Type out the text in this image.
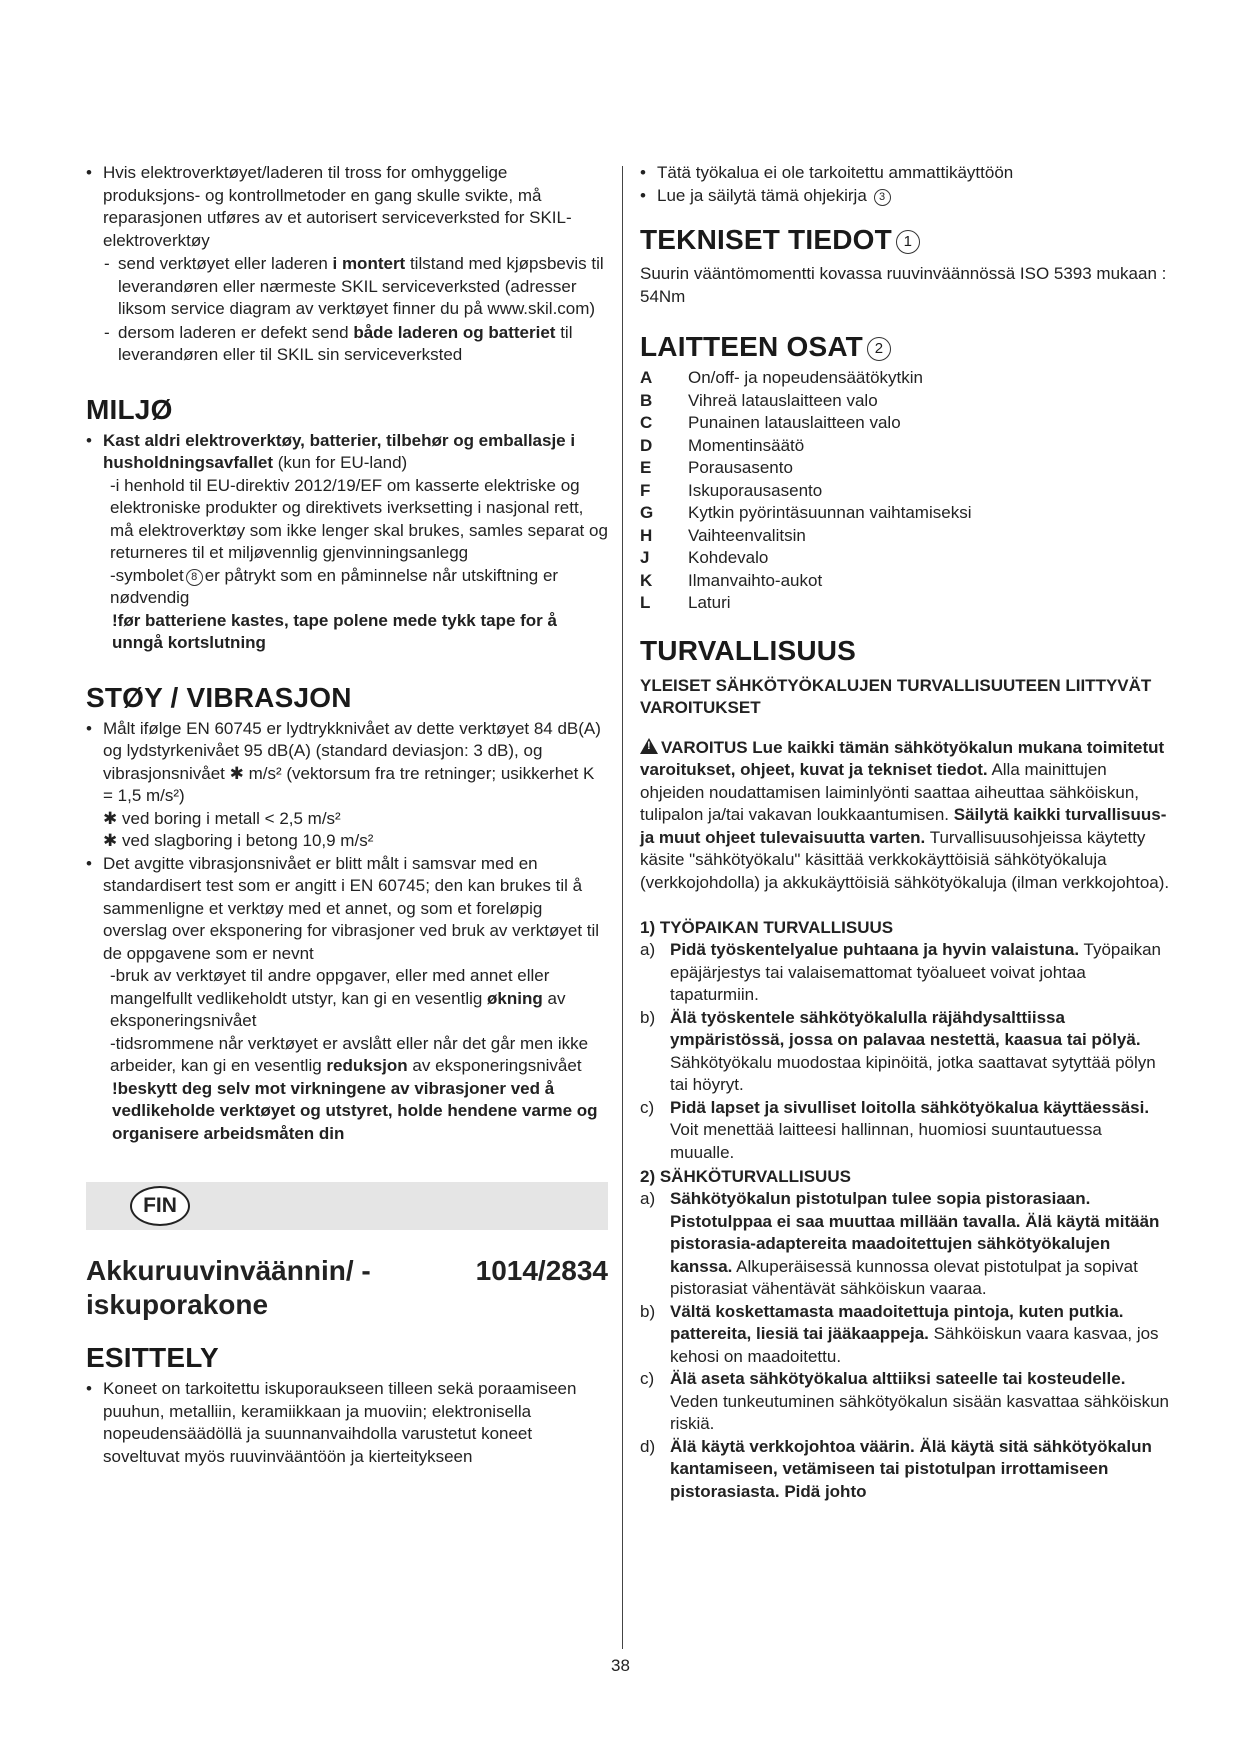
• Hvis elektroverktøyet/laderen til tross for omhyggelige produksjons- og kontrollmetoder en gang skulle svikte, må reparasjonen utføres av et autorisert serviceverksted for SKIL-elektroverktøy
- send verktøyet eller laderen i montert tilstand med kjøpsbevis til leverandøren eller nærmeste SKIL serviceverksted (adresser liksom service diagram av verktøyet finner du på www.skil.com)
- dersom laderen er defekt send både laderen og batteriet til leverandøren eller til SKIL sin serviceverksted
MILJØ
• Kast aldri elektroverktøy, batterier, tilbehør og emballasje i husholdningsavfallet (kun for EU-land)
-i henhold til EU-direktiv 2012/19/EF om kasserte elektriske og elektroniske produkter og direktivets iverksetting i nasjonal rett, må elektroverktøy som ikke lenger skal brukes, samles separat og returneres til et miljøvennlig gjenvinningsanlegg
-symbolet 8 er påtrykt som en påminnelse når utskiftning er nødvendig
!før batteriene kastes, tape polene mede tykk tape for å unngå kortslutning
STØY / VIBRASJON
• Målt ifølge EN 60745 er lydtrykknivået av dette verktøyet 84 dB(A) og lydstyrkenivået 95 dB(A) (standard deviasjon: 3 dB), og vibrasjonsnivået ✱ m/s² (vektorsum fra tre retninger; usikkerhet K = 1,5 m/s²)
✱ ved boring i metall < 2,5 m/s²
✱ ved slagboring i betong 10,9 m/s²
• Det avgitte vibrasjonsnivået er blitt målt i samsvar med en standardisert test som er angitt i EN 60745; den kan brukes til å sammenligne et verktøy med et annet, og som et foreløpig overslag over eksponering for vibrasjoner ved bruk av verktøyet til de oppgavene som er nevnt
-bruk av verktøyet til andre oppgaver, eller med annet eller mangelfullt vedlikeholdt utstyr, kan gi en vesentlig økning av eksponeringsnivået
-tidsrommene når verktøyet er avslått eller når det går men ikke arbeider, kan gi en vesentlig reduksjon av eksponeringsnivået
!beskytt deg selv mot virkningene av vibrasjoner ved å vedlikeholde verktøyet og utstyret, holde hendene varme og organisere arbeidsmåten din
FIN
Akkuruuvinväännin/ -iskuporakone
1014/2834
ESITTELY
• Koneet on tarkoitettu iskuporaukseen tilleen sekä poraamiseen puuhun, metalliin, keramiikkaan ja muoviin; elektronisella nopeudensäädöllä ja suunnanvaihdolla varustetut koneet soveltuvat myös ruuvinvääntöön ja kierteitykseen
• Tätä työkalua ei ole tarkoitettu ammattikäyttöön
• Lue ja säilytä tämä ohjekirja 3
TEKNISET TIEDOT 1

Suurin vääntömomentti kovassa ruuvinväännössä ISO 5393 mukaan : 54Nm

LAITTEEN OSAT 2
A	On/off- ja nopeudensäätökytkin
B	Vihreä latauslaitteen valo
C	Punainen latauslaitteen valo
D	Momentinsäätö
E	Porausasento
F	Iskuporausasento
G	Kytkin pyörintäsuunnan vaihtamiseksi
H	Vaihteenvalitsin
J	Kohdevalo
K	Ilmanvaihto-aukot
L	Laturi
TURVALLISUUS
YLEISET SÄHKÖTYÖKALUJEN TURVALLISUUTEEN LIITTYVÄT VAROITUKSET

!VAROITUS Lue kaikki tämän sähkötyökalun mukana toimitetut varoitukset, ohjeet, kuvat ja tekniset tiedot. Alla mainittujen ohjeiden noudattamisen laiminlyönti saattaa aiheuttaa sähköiskun, tulipalon ja/tai vakavan loukkaantumisen. Säilytä kaikki turvallisuus- ja muut ohjeet tulevaisuutta varten. Turvallisuusohjeissa käytetty käsite "sähkötyökalu" käsittää verkkokäyttöisiä sähkötyökaluja (verkkojohdolla) ja akkukäyttöisiä sähkötyökaluja (ilman verkkojohtoa).

1) TYÖPAIKAN TURVALLISUUS
a) Pidä työskentelyalue puhtaana ja hyvin valaistuna. Työpaikan epäjärjestys tai valaisemattomat työalueet voivat johtaa tapaturmiin.
b) Älä työskentele sähkötyökalulla räjähdysalttiissa ympäristössä, jossa on palavaa nestettä, kaasua tai pölyä. Sähkötyökalu muodostaa kipinöitä, jotka saattavat sytyttää pölyn tai höyryt.
c) Pidä lapset ja sivulliset loitolla sähkötyökalua käyttäessäsi. Voit menettää laitteesi hallinnan, huomiosi suuntautuessa muualle.
2) SÄHKÖTURVALLISUUS
a) Sähkötyökalun pistotulpan tulee sopia pistorasiaan. Pistotulppaa ei saa muuttaa millään tavalla. Älä käytä mitään pistorasia-adaptereita maadoitettujen sähkötyökalujen kanssa. Alkuperäisessä kunnossa olevat pistotulpat ja sopivat pistorasiat vähentävät sähköiskun vaaraa.
b) Vältä koskettamasta maadoitettuja pintoja, kuten putkia. pattereita, liesiä tai jääkaappeja. Sähköiskun vaara kasvaa, jos kehosi on maadoitettu.
c) Älä aseta sähkötyökalua alttiiksi sateelle tai kosteudelle. Veden tunkeutuminen sähkötyökalun sisään kasvattaa sähköiskun riskiä.
d) Älä käytä verkkojohtoa väärin. Älä käytä sitä sähkötyökalun kantamiseen, vetämiseen tai pistotulpan irrottamiseen pistorasiasta. Pidä johto
38
